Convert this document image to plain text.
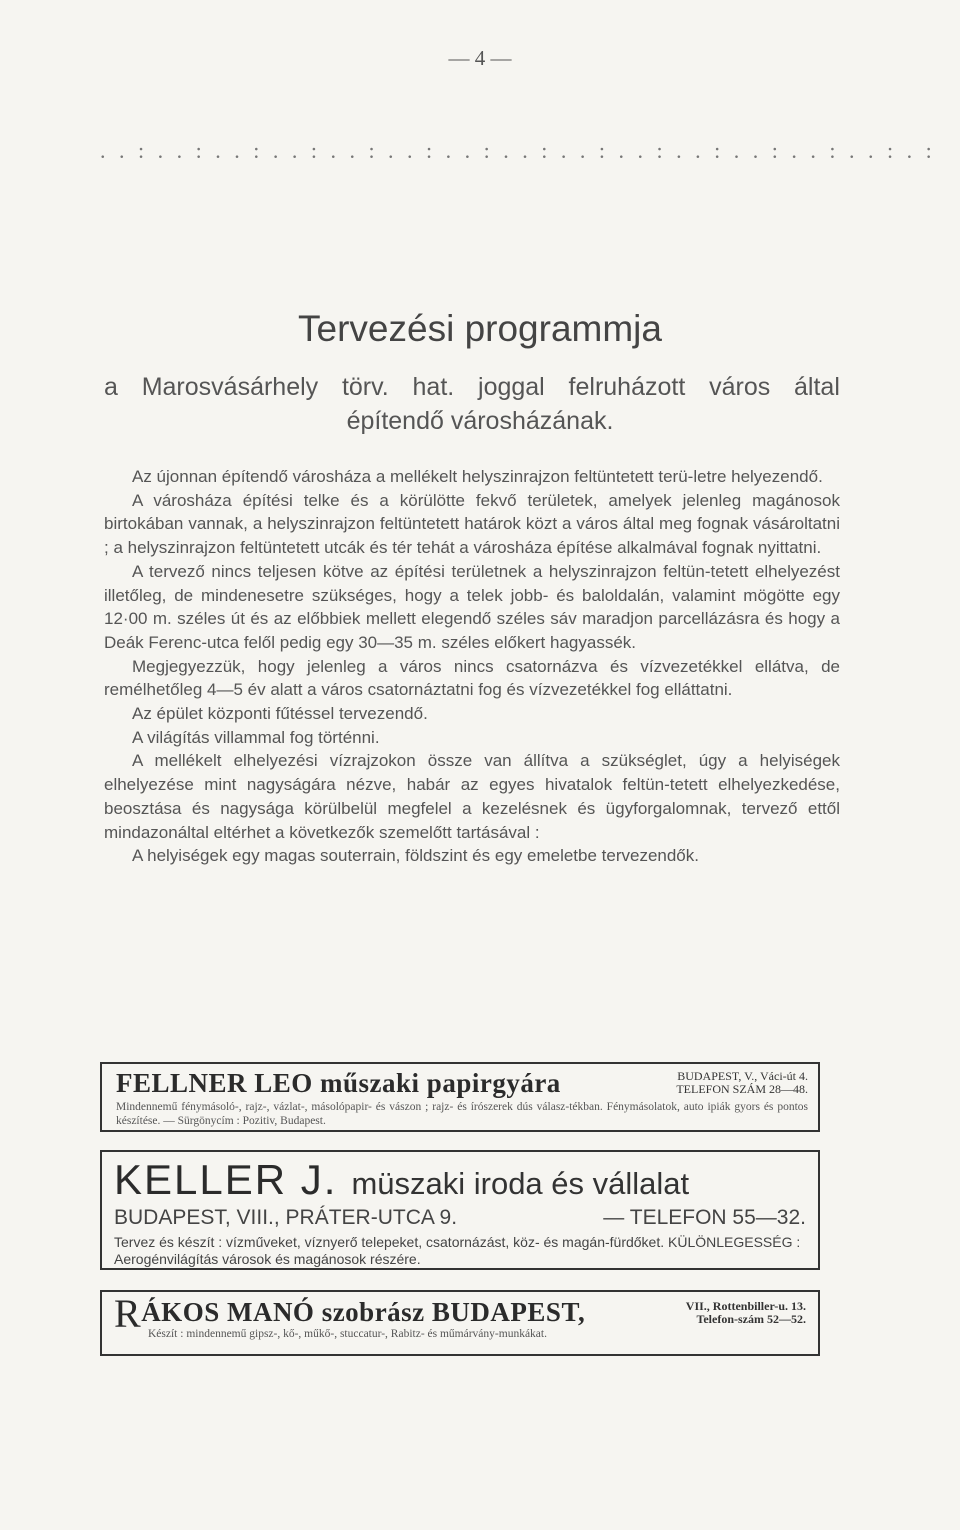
— 4 —
. . : . . : . . : . . : . . : . . : . . : . . : . . : . . : . . : . . : . . : . . : . :
Tervezési programmja
a Marosvásárhely törv. hat. joggal felruházott város által
építendő városházának.

Az újonnan építendő városháza a mellékelt helyszinrajzon feltüntetett terü-letre helyezendő.

A városháza építési telke és a körülötte fekvő területek, amelyek jelenleg magánosok birtokában vannak, a helyszinrajzon feltüntetett határok közt a város által meg fognak vásároltatni ; a helyszinrajzon feltüntetett utcák és tér tehát a városháza építése alkalmával fognak nyittatni.

A tervező nincs teljesen kötve az építési területnek a helyszinrajzon feltün-tetett elhelyezést illetőleg, de mindenesetre szükséges, hogy a telek jobb- és baloldalán, valamint mögötte egy 12·00 m. széles út és az előbbiek mellett elegendő széles sáv maradjon parcellázásra és hogy a Deák Ferenc-utca felől pedig egy 30—35 m. széles előkert hagyassék.

Megjegyezzük, hogy jelenleg a város nincs csatornázva és vízvezetékkel ellátva, de remélhetőleg 4—5 év alatt a város csatornáztatni fog és vízvezetékkel fog elláttatni.

Az épület központi fűtéssel tervezendő.

A világítás villammal fog történni.

A mellékelt elhelyezési vízrajzokon össze van állítva a szükséglet, úgy a helyiségek elhelyezése mint nagyságára nézve, habár az egyes hivatalok feltün-tetett elhelyezkedése, beosztása és nagysága körülbelül megfelel a kezelésnek és ügyforgalomnak, tervező ettől mindazonáltal eltérhet a következők szemelőtt tartásával :

A helyiségek egy magas souterrain, földszint és egy emeletbe tervezendők.

FELLNER LEO műszaki papirgyára	BUDAPEST, V., Váci-út 4.
TELEFON SZÁM 28—48.
Mindennemű fénymásoló-, rajz-, vázlat-, másolópapir- és vászon ; rajz- és írószerek dús válasz-tékban. Fénymásolatok, auto ipiák gyors és pontos készítése. — Sürgönycím : Pozitiv, Budapest.
KELLER J. müszaki iroda és vállalat
BUDAPEST, VIII., PRÁTER-UTCA 9.	— TELEFON 55—32.
Tervez és készít : vízműveket, víznyerő telepeket, csatornázást, köz- és magán-fürdőket. KÜLÖNLEGESSÉG : Aerogénvilágítás városok és magánosok részére.
RÁKOS MANÓ szobrász BUDAPEST,	VII., Rottenbiller-u. 13.
Telefon-szám 52—52.
Készít : mindennemű gipsz-, kő-, műkő-, stuccatur-, Rabitz- és műmárvány-munkákat.
